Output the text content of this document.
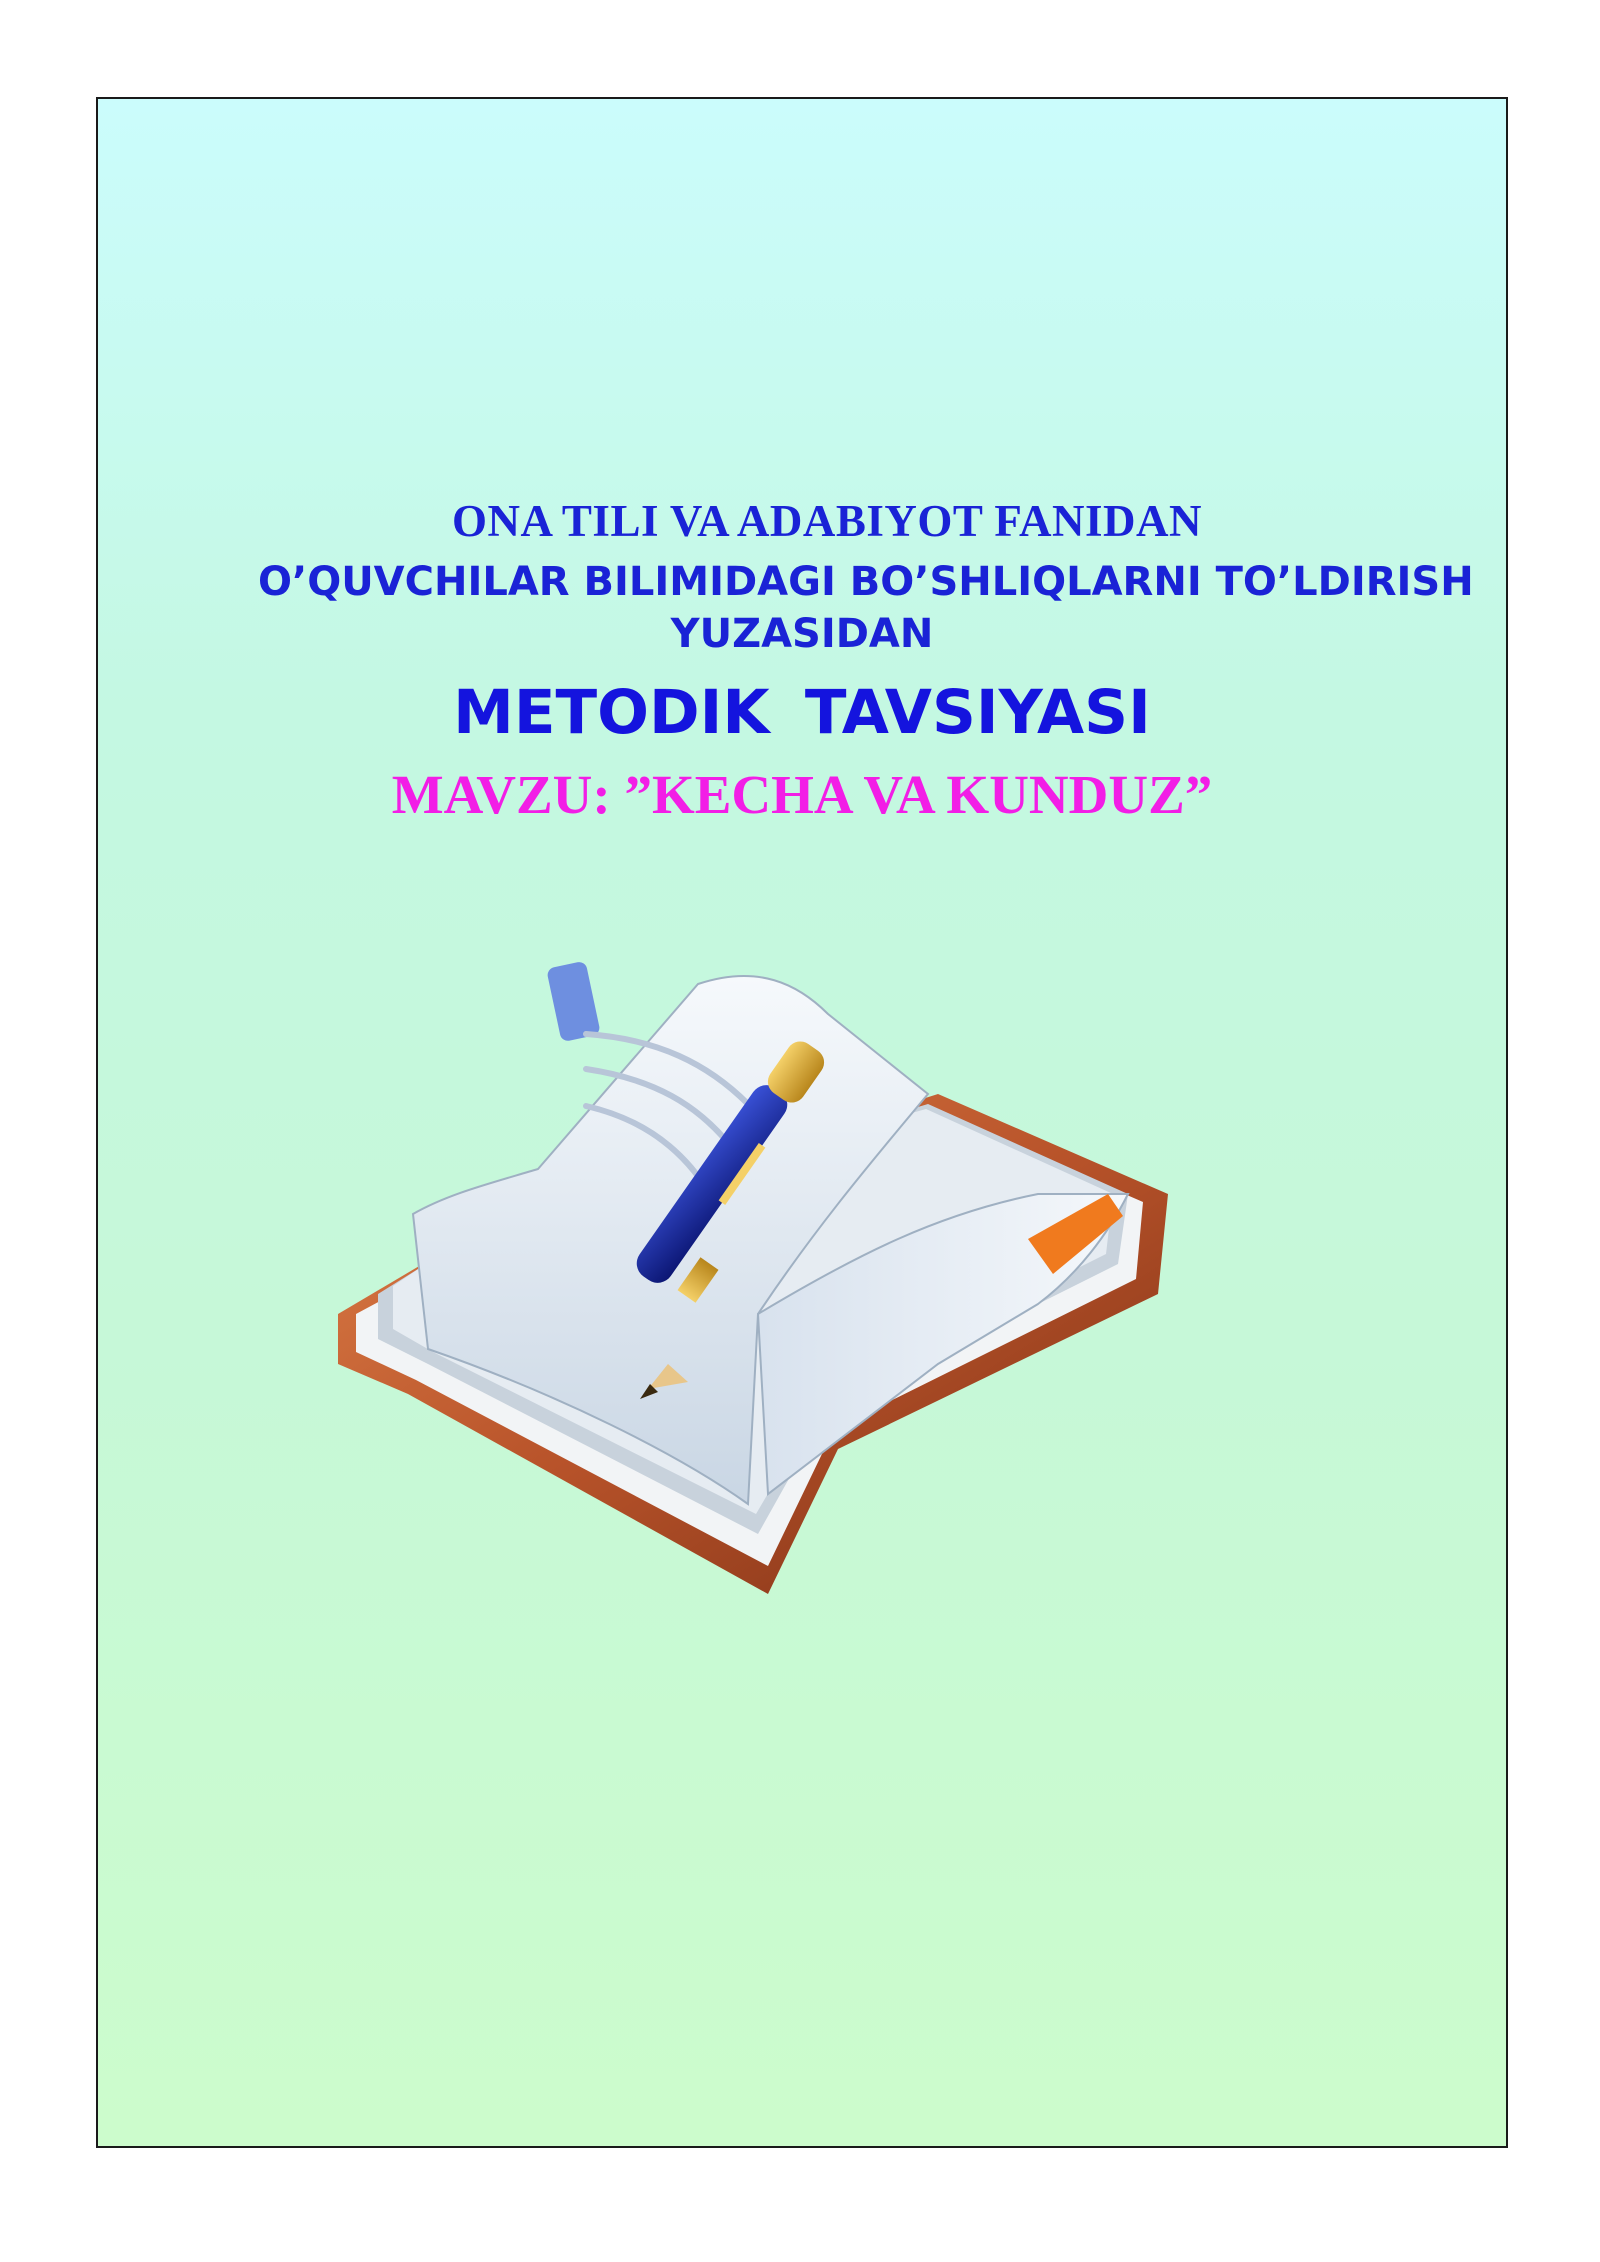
ONA TILI VA ADABIYOT FANIDAN
O’QUVCHILAR BILIMIDAGI BO’SHLIQLARNI TO’LDIRISH
YUZASIDAN
METODIK TAVSIYASI
MAVZU: ”KECHA VA KUNDUZ”
